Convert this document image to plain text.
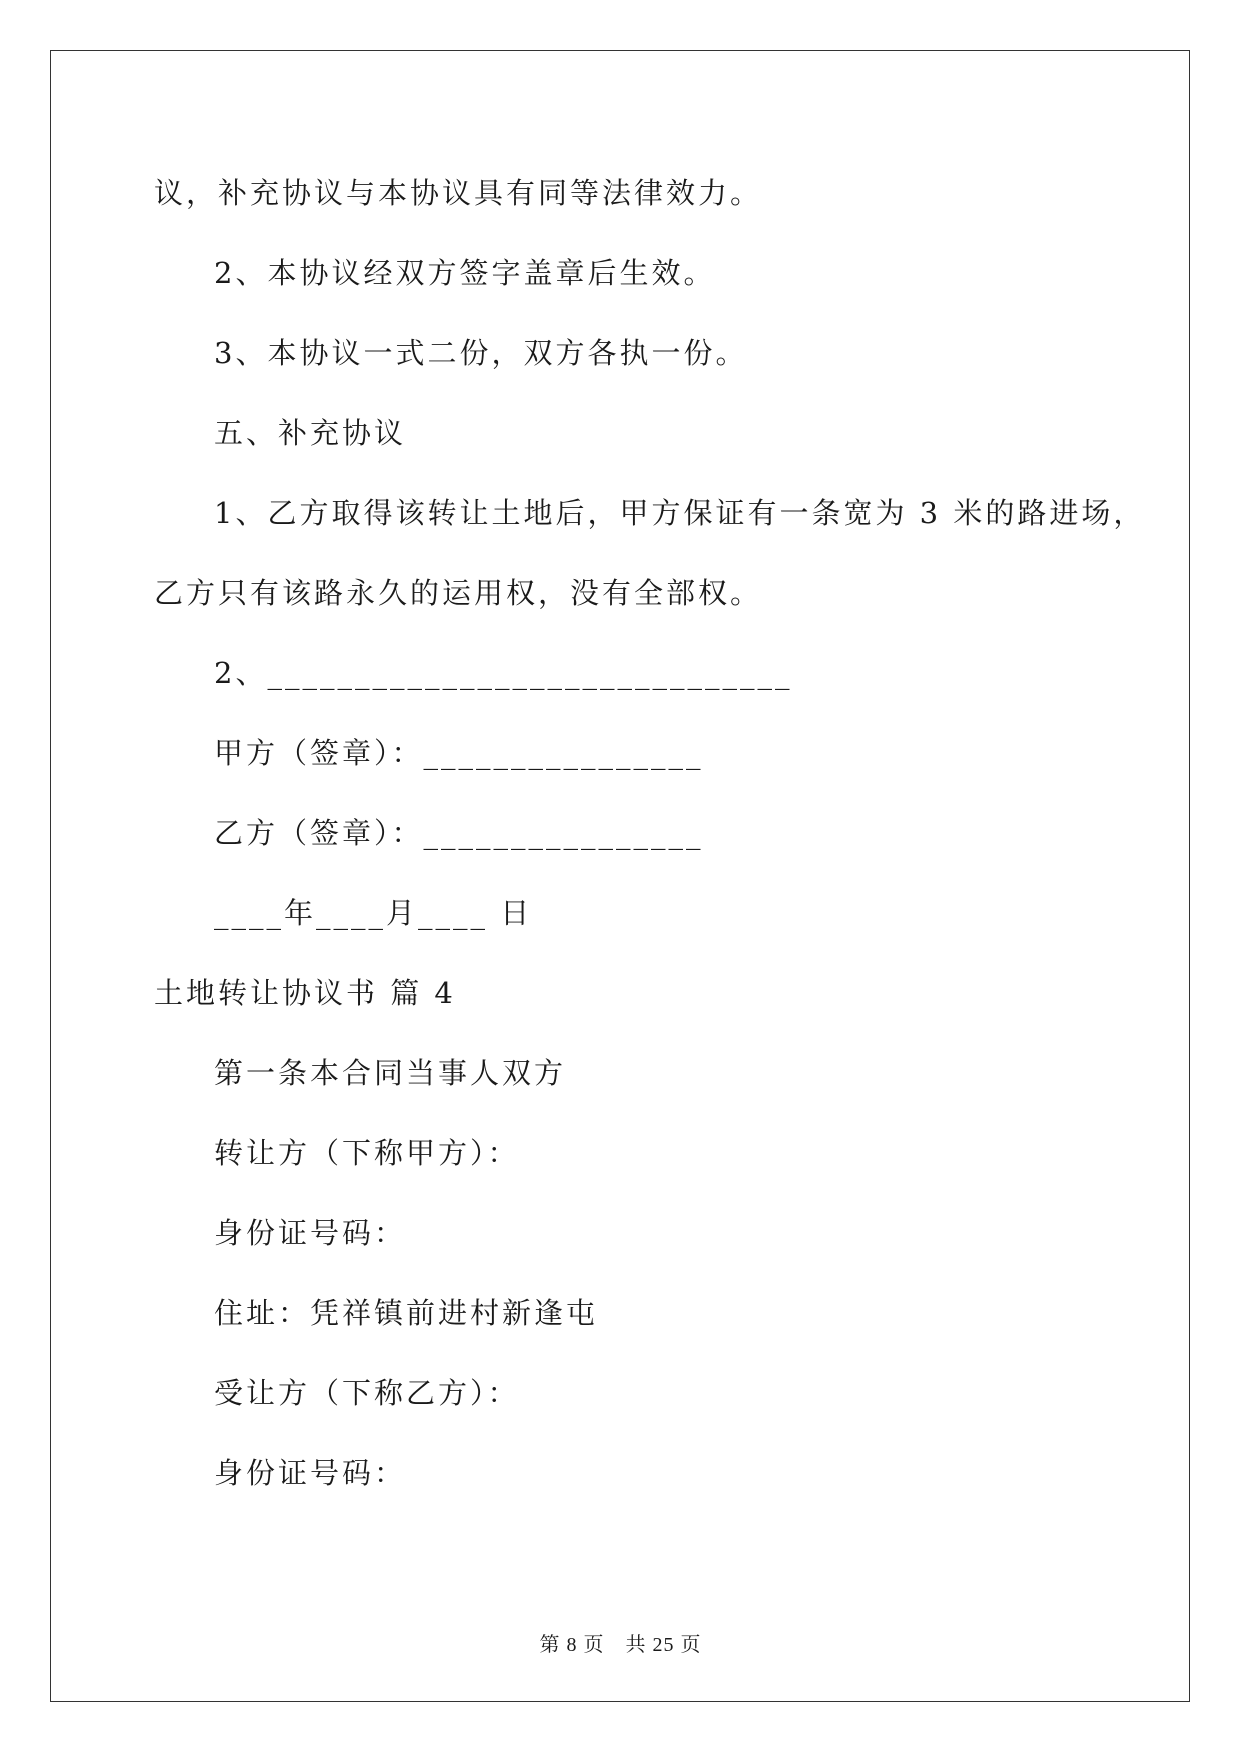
议，补充协议与本协议具有同等法律效力。
2、本协议经双方签字盖章后生效。
3、本协议一式二份，双方各执一份。
五、补充协议
1、乙方取得该转让土地后，甲方保证有一条宽为 3 米的路进场，
乙方只有该路永久的运用权，没有全部权。
2、______________________________
甲方（签章）：________________
乙方（签章）：________________
____年____月____ 日
土地转让协议书 篇 4
第一条本合同当事人双方
转让方（下称甲方）：
身份证号码：
住址：凭祥镇前进村新逢屯
受让方（下称乙方）：
身份证号码：
第 8 页　共 25 页
